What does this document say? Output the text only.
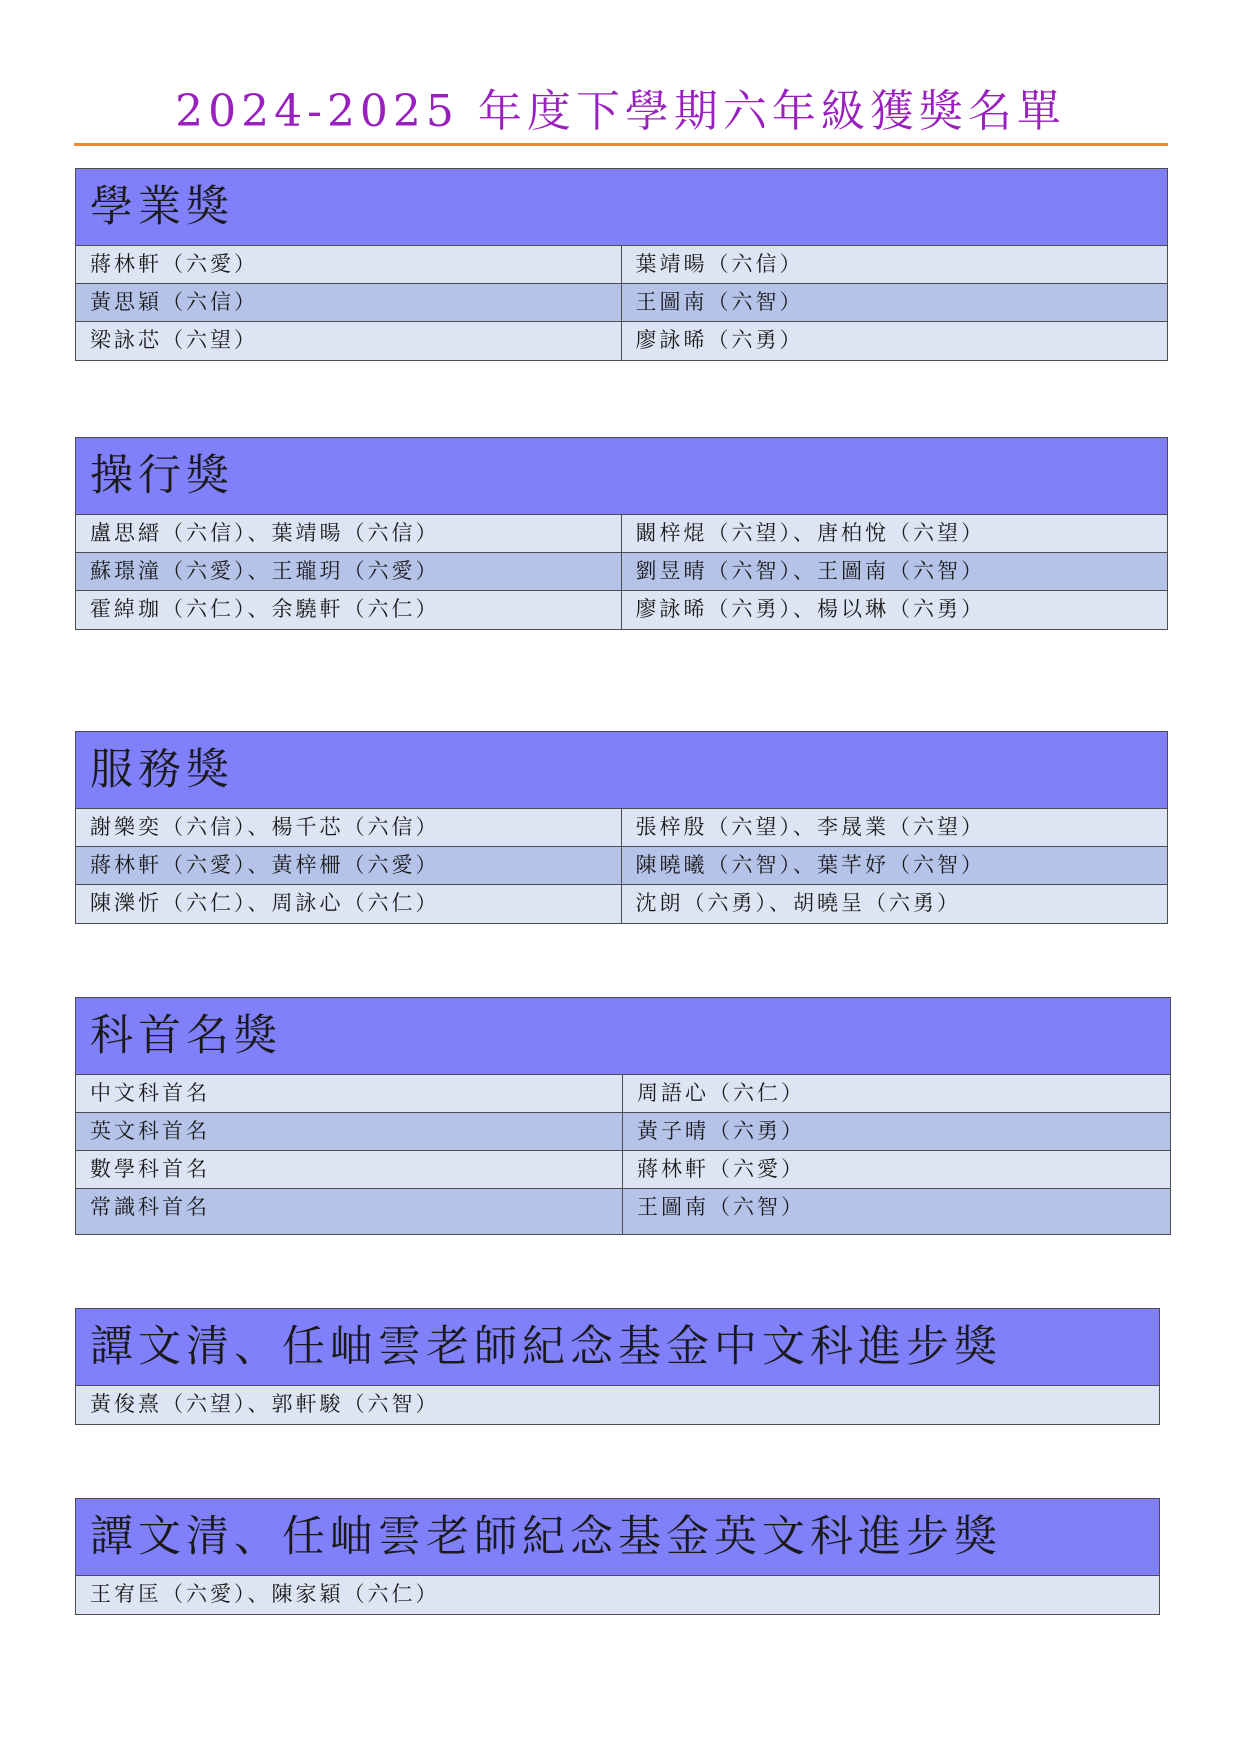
2024-2025 年度下學期六年級獲獎名單
學業獎
蔣林軒（六愛）	葉靖暘（六信）
黃思穎（六信）	王圖南（六智）
梁詠芯（六望）	廖詠晞（六勇）
操行獎
盧思縉（六信）、葉靖暘（六信）	闞梓焜（六望）、唐柏悅（六望）
蘇璟潼（六愛）、王瓏玥（六愛）	劉昱晴（六智）、王圖南（六智）
霍綽珈（六仁）、余驍軒（六仁）	廖詠晞（六勇）、楊以琳（六勇）
服務獎
謝樂奕（六信）、楊千芯（六信）	張梓殷（六望）、李晟業（六望）
蔣林軒（六愛）、黃梓柵（六愛）	陳曉曦（六智）、葉芊妤（六智）
陳濼忻（六仁）、周詠心（六仁）	沈朗（六勇）、胡曉呈（六勇）
科首名獎
中文科首名	周語心（六仁）
英文科首名	黃子晴（六勇）
數學科首名	蔣林軒（六愛）
常識科首名	王圖南（六智）
譚文清、任岫雲老師紀念基金中文科進步獎
黃俊熹（六望）、郭軒駿（六智）
譚文清、任岫雲老師紀念基金英文科進步獎
王宥匡（六愛）、陳家穎（六仁）
